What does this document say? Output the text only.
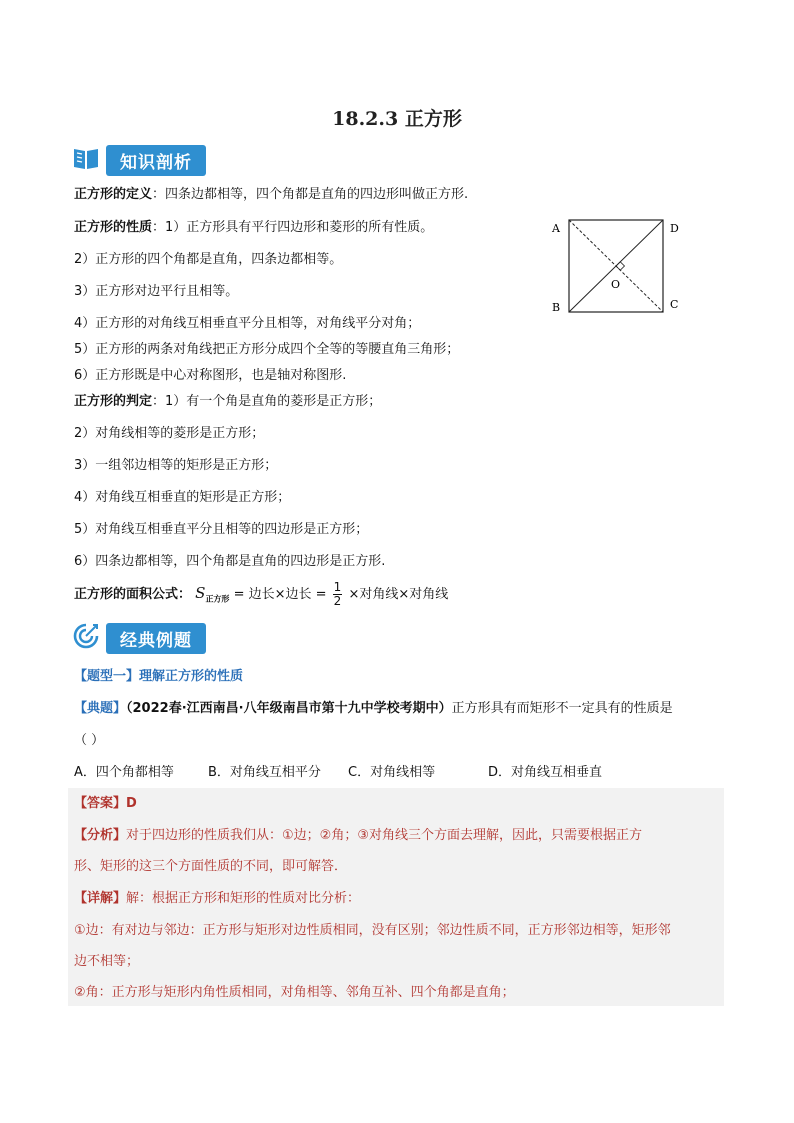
18.2.3 正方形
知识剖析
正方形的定义：四条边都相等，四个角都是直角的四边形叫做正方形.
正方形的性质：1）正方形具有平行四边形和菱形的所有性质。
2）正方形的四个角都是直角，四条边都相等。
3）正方形对边平行且相等。
4）正方形的对角线互相垂直平分且相等，对角线平分对角；
5）正方形的两条对角线把正方形分成四个全等的等腰直角三角形；
6）正方形既是中心对称图形，也是轴对称图形.
A	D
B	C
O
正方形的判定：1）有一个角是直角的菱形是正方形；
2）对角线相等的菱形是正方形；
3）一组邻边相等的矩形是正方形；
4）对角线互相垂直的矩形是正方形；
5）对角线互相垂直平分且相等的四边形是正方形；
6）四条边都相等，四个角都是直角的四边形是正方形.
正方形的面积公式： $S_{正方形}$ = 边长×边长 = $\frac{1}{2}$ ×对角线×对角线
经典例题
【题型一】理解正方形的性质
【典题】（2022春·江西南昌·八年级南昌市第十九中学校考期中）正方形具有而矩形不一定具有的性质是
（ ）
A．四个角都相等	B．对角线互相平分	C．对角线相等	D．对角线互相垂直
【答案】D
【分析】对于四边形的性质我们从：①边；②角；③对角线三个方面去理解，因此，只需要根据正方
形、矩形的这三个方面性质的不同，即可解答．
【详解】解：根据正方形和矩形的性质对比分析：
①边：有对边与邻边：正方形与矩形对边性质相同，没有区别；邻边性质不同，正方形邻边相等，矩形邻
边不相等；
②角：正方形与矩形内角性质相同，对角相等、邻角互补、四个角都是直角；
